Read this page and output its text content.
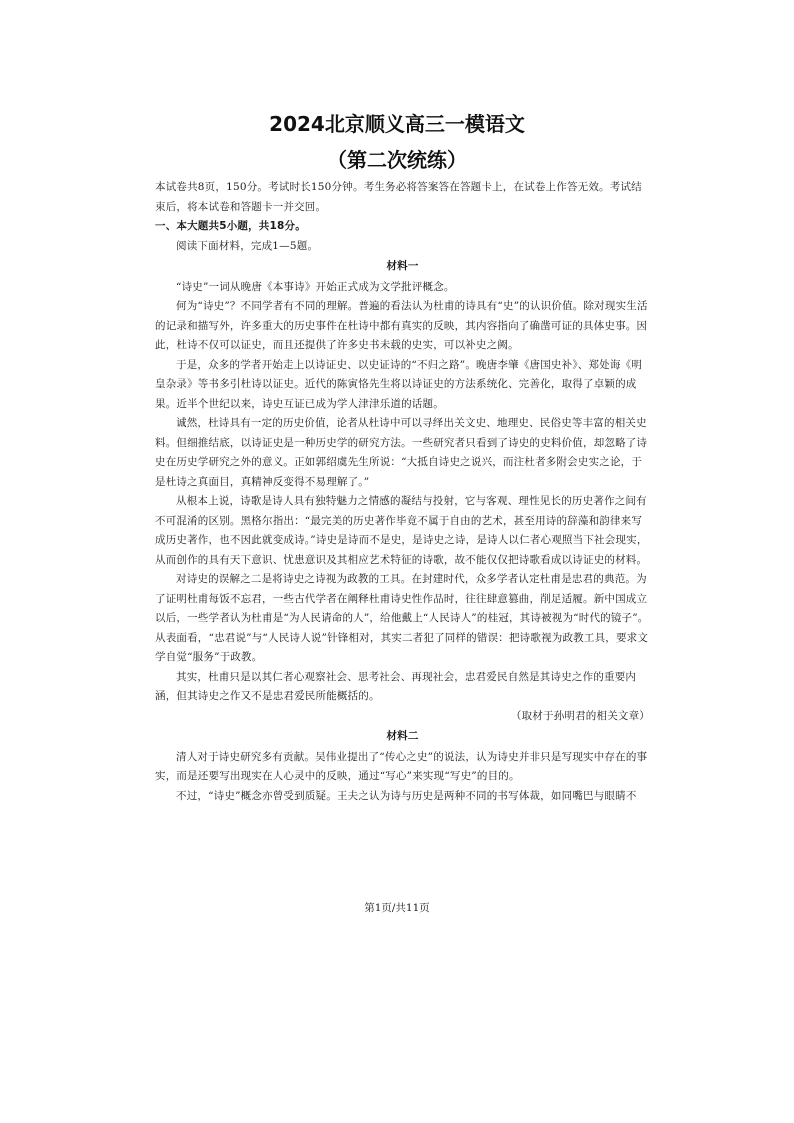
2024北京顺义高三一模语文
（第二次统练）

本试卷共8页，150分。考试时长150分钟。考生务必将答案答在答题卡上，在试卷上作答无效。考试结束后，将本试卷和答题卡一并交回。

一、本大题共5小题，共18分。

阅读下面材料，完成1—5题。

材料一

“诗史”一词从晚唐《本事诗》开始正式成为文学批评概念。

何为“诗史”？不同学者有不同的理解。普遍的看法认为杜甫的诗具有“史”的认识价值。除对现实生活的记录和描写外，许多重大的历史事件在杜诗中都有真实的反映，其内容指向了确凿可证的具体史事。因此，杜诗不仅可以证史，而且还提供了许多史书未载的史实，可以补史之阙。

于是，众多的学者开始走上以诗证史、以史证诗的“不归之路”。晚唐李肇《唐国史补》、郑处诲《明皇杂录》等书多引杜诗以证史。近代的陈寅恪先生将以诗证史的方法系统化、完善化，取得了卓颖的成果。近半个世纪以来，诗史互证已成为学人津津乐道的话题。

诚然，杜诗具有一定的历史价值，论者从杜诗中可以寻绎出关文史、地理史、民俗史等丰富的相关史料。但细推结底，以诗证史是一种历史学的研究方法。一些研究者只看到了诗史的史料价值，却忽略了诗史在历史学研究之外的意义。正如郭绍虞先生所说：“大抵自诗史之说兴，而注杜者多附会史实之论，于是杜诗之真面目，真精神反变得不易理解了。”

从根本上说，诗歌是诗人具有独特魅力之情感的凝结与投射，它与客观、理性见长的历史著作之间有不可混淆的区别。黑格尔指出：“最完美的历史著作毕竟不属于自由的艺术，甚至用诗的辞藻和韵律来写成历史著作，也不因此就变成诗。”诗史是诗而不是史，是诗史之诗，是诗人以仁者心观照当下社会现实，从而创作的具有天下意识、忧患意识及其相应艺术特征的诗歌，故不能仅仅把诗歌看成以诗证史的材料。

对诗史的误解之二是将诗史之诗视为政教的工具。在封建时代，众多学者认定杜甫是忠君的典范。为了证明杜甫每饭不忘君，一些古代学者在阐释杜甫诗史性作品时，往往肆意篡曲，削足适履。新中国成立以后，一些学者认为杜甫是“为人民请命的人”，给他戴上“人民诗人”的桂冠，其诗被视为“时代的镜子”。从表面看，“忠君说”与“人民诗人说”针锋相对，其实二者犯了同样的错误：把诗歌视为政教工具，要求文学自觉“服务”于政教。

其实，杜甫只是以其仁者心观察社会、思考社会、再现社会，忠君爱民自然是其诗史之作的重要内涵，但其诗史之作又不是忠君爱民所能概括的。

（取材于孙明君的相关文章）

材料二

清人对于诗史研究多有贡献。吴伟业提出了“传心之史”的说法，认为诗史并非只是写现实中存在的事实，而是还要写出现实在人心灵中的反映，通过“写心”来实现“写史”的目的。

不过，“诗史”概念亦曾受到质疑。王夫之认为诗与历史是两种不同的书写体裁，如同嘴巴与眼睛不

第1页/共11页
